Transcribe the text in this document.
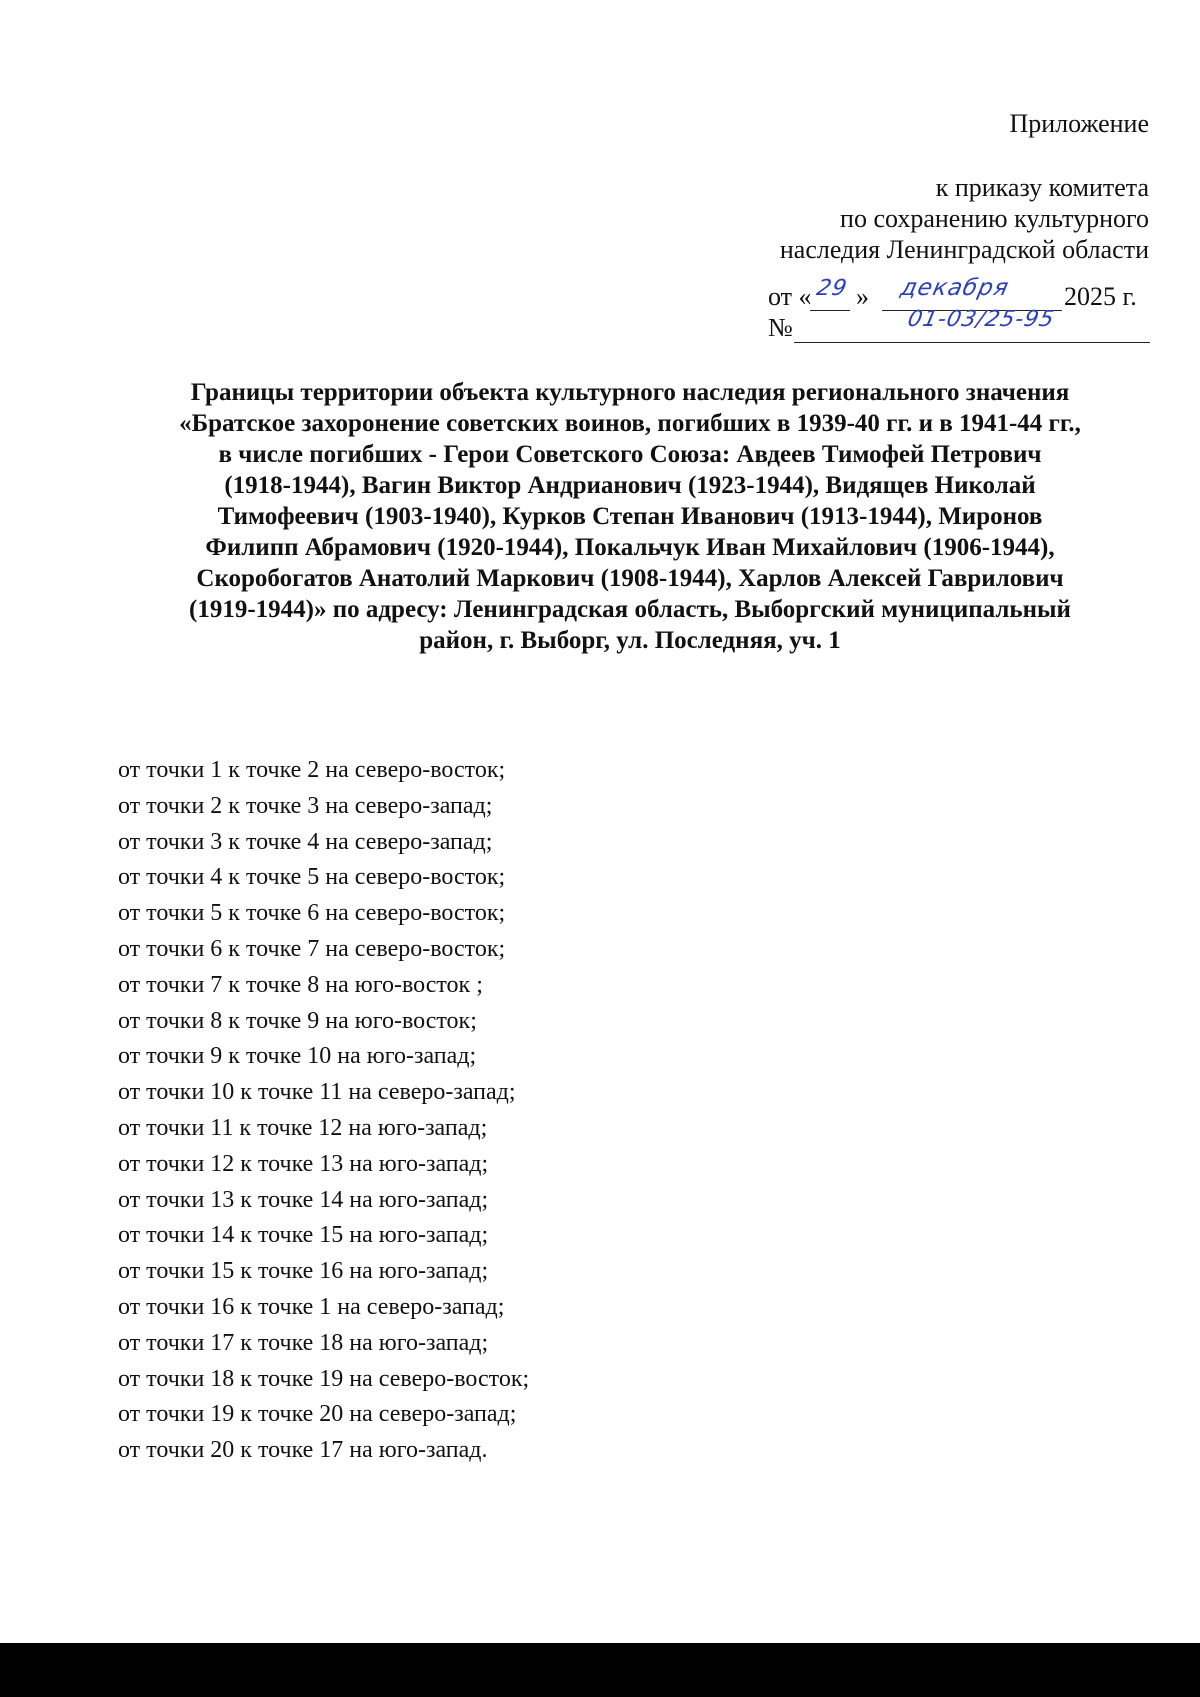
Приложение
к приказу комитета
по сохранению культурного
наследия Ленинградской области
от « 29 » декабря 2025 г.
№	01-03/25-95
Границы территории объекта культурного наследия регионального значения
«Братское захоронение советских воинов, погибших в 1939-40 гг. и в 1941-44 гг.,
в числе погибших - Герои Советского Союза: Авдеев Тимофей Петрович
(1918-1944), Вагин Виктор Андрианович (1923-1944), Видящев Николай
Тимофеевич (1903-1940), Курков Степан Иванович (1913-1944), Миронов
Филипп Абрамович (1920-1944), Покальчук Иван Михайлович (1906-1944),
Скоробогатов Анатолий Маркович (1908-1944), Харлов Алексей Гаврилович
(1919-1944)» по адресу: Ленинградская область, Выборгский муниципальный
район, г. Выборг, ул. Последняя, уч. 1
от точки 1 к точке 2 на северо-восток;
от точки 2 к точке 3 на северо-запад;
от точки 3 к точке 4 на северо-запад;
от точки 4 к точке 5 на северо-восток;
от точки 5 к точке 6 на северо-восток;
от точки 6 к точке 7 на северо-восток;
от точки 7 к точке 8 на юго-восток ;
от точки 8 к точке 9 на юго-восток;
от точки 9 к точке 10 на юго-запад;
от точки 10 к точке 11 на северо-запад;
от точки 11 к точке 12 на юго-запад;
от точки 12 к точке 13 на юго-запад;
от точки 13 к точке 14 на юго-запад;
от точки 14 к точке 15 на юго-запад;
от точки 15 к точке 16 на юго-запад;
от точки 16 к точке 1 на северо-запад;
от точки 17 к точке 18 на юго-запад;
от точки 18 к точке 19 на северо-восток;
от точки 19 к точке 20 на северо-запад;
от точки 20 к точке 17 на юго-запад.
